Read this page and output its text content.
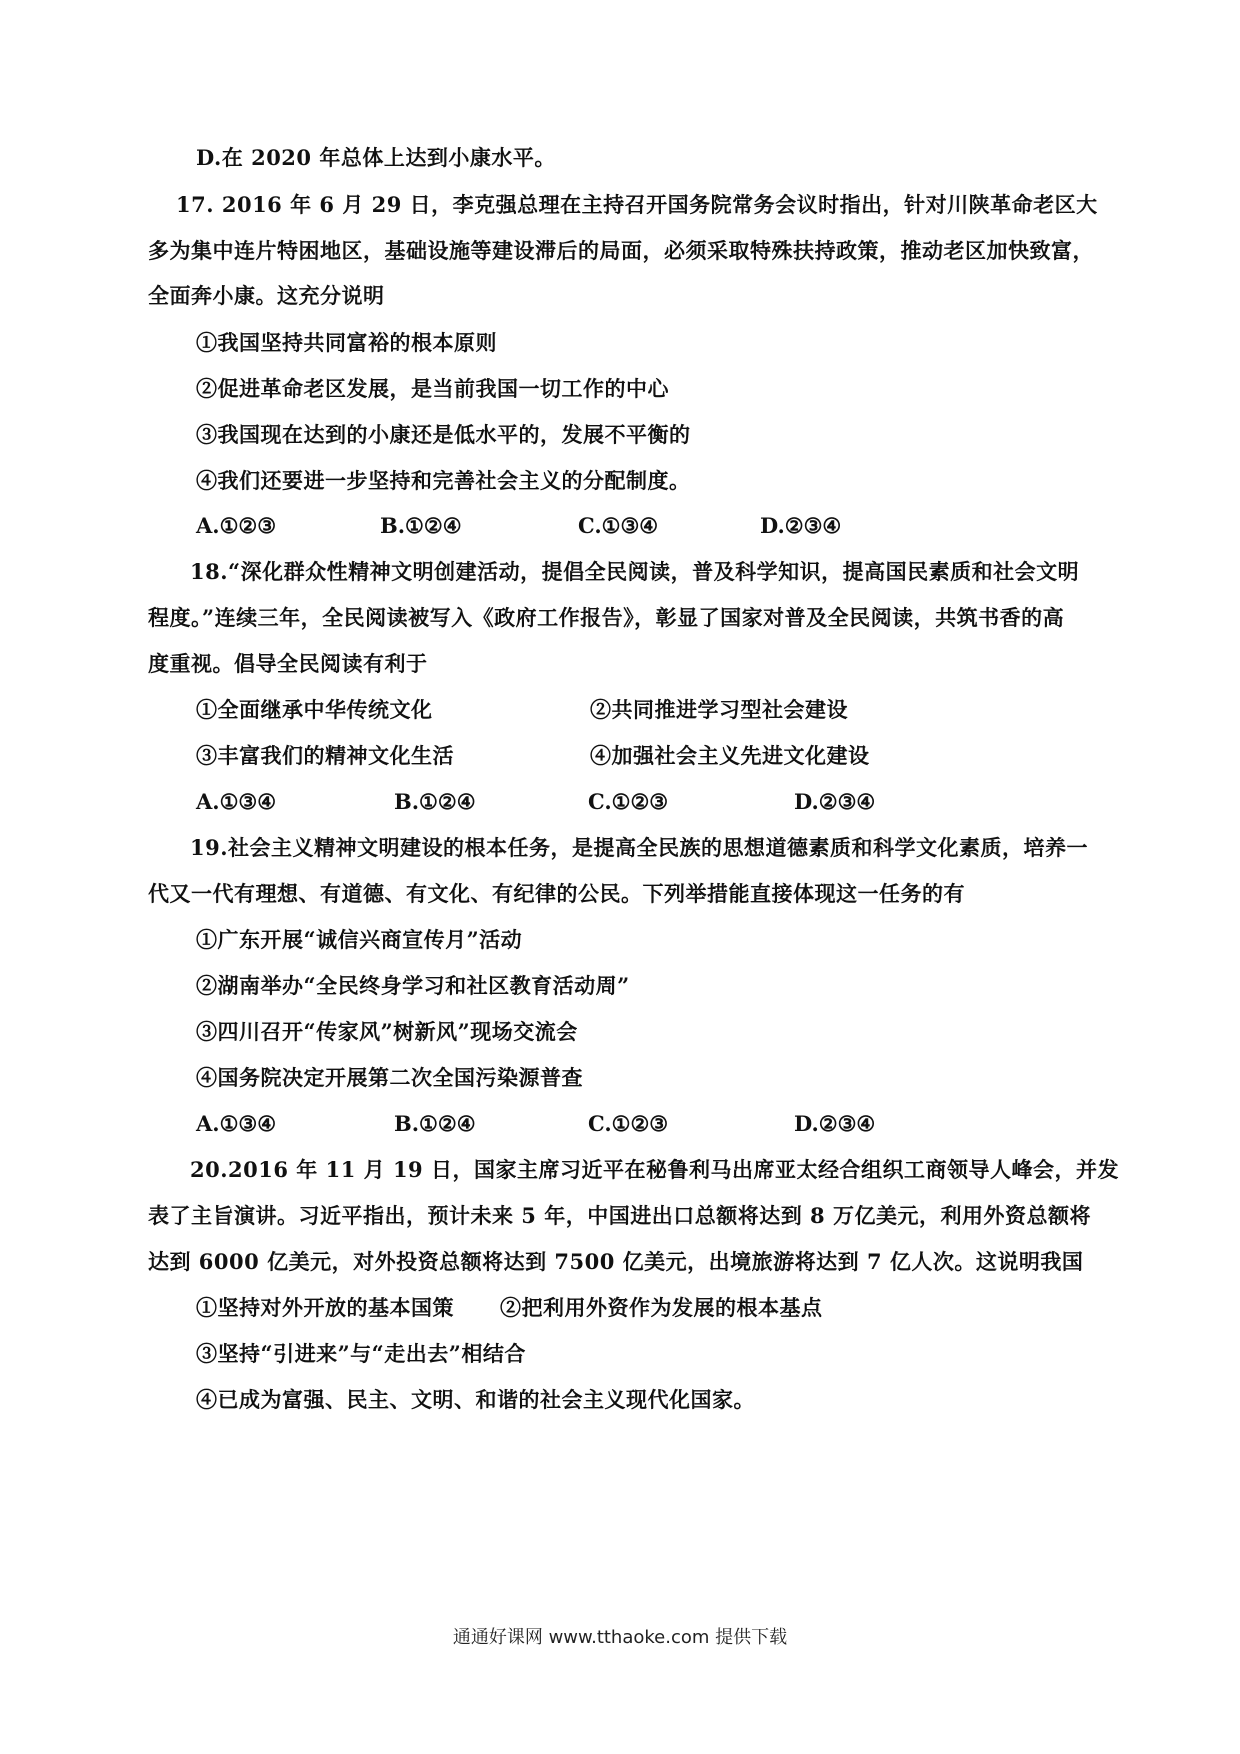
D.在 2020 年总体上达到小康水平。
17. 2016 年 6 月 29 日，李克强总理在主持召开国务院常务会议时指出，针对川陕革命老区大
多为集中连片特困地区，基础设施等建设滞后的局面，必须采取特殊扶持政策，推动老区加快致富，
全面奔小康。这充分说明
①我国坚持共同富裕的根本原则
②促进革命老区发展，是当前我国一切工作的中心
③我国现在达到的小康还是低水平的，发展不平衡的
④我们还要进一步坚持和完善社会主义的分配制度。
A.①②③	B.①②④	C.①③④	D.②③④
18.“深化群众性精神文明创建活动，提倡全民阅读，普及科学知识，提高国民素质和社会文明
程度。”连续三年，全民阅读被写入《政府工作报告》，彰显了国家对普及全民阅读，共筑书香的高
度重视。倡导全民阅读有利于
①全面继承中华传统文化	②共同推进学习型社会建设
③丰富我们的精神文化生活	④加强社会主义先进文化建设
A.①③④	B.①②④	C.①②③	D.②③④
19.社会主义精神文明建设的根本任务，是提高全民族的思想道德素质和科学文化素质，培养一
代又一代有理想、有道德、有文化、有纪律的公民。下列举措能直接体现这一任务的有
①广东开展“诚信兴商宣传月”活动
②湖南举办“全民终身学习和社区教育活动周”
③四川召开“传家风”树新风”现场交流会
④国务院决定开展第二次全国污染源普查
A.①③④	B.①②④	C.①②③	D.②③④
20.2016 年 11 月 19 日，国家主席习近平在秘鲁利马出席亚太经合组织工商领导人峰会，并发
表了主旨演讲。习近平指出，预计未来 5 年，中国进出口总额将达到 8 万亿美元，利用外资总额将
达到 6000 亿美元，对外投资总额将达到 7500 亿美元，出境旅游将达到 7 亿人次。这说明我国
①坚持对外开放的基本国策 ②把利用外资作为发展的根本基点
③坚持“引进来”与“走出去”相结合
④已成为富强、民主、文明、和谐的社会主义现代化国家。
通通好课网 www.tthaoke.com 提供下载
